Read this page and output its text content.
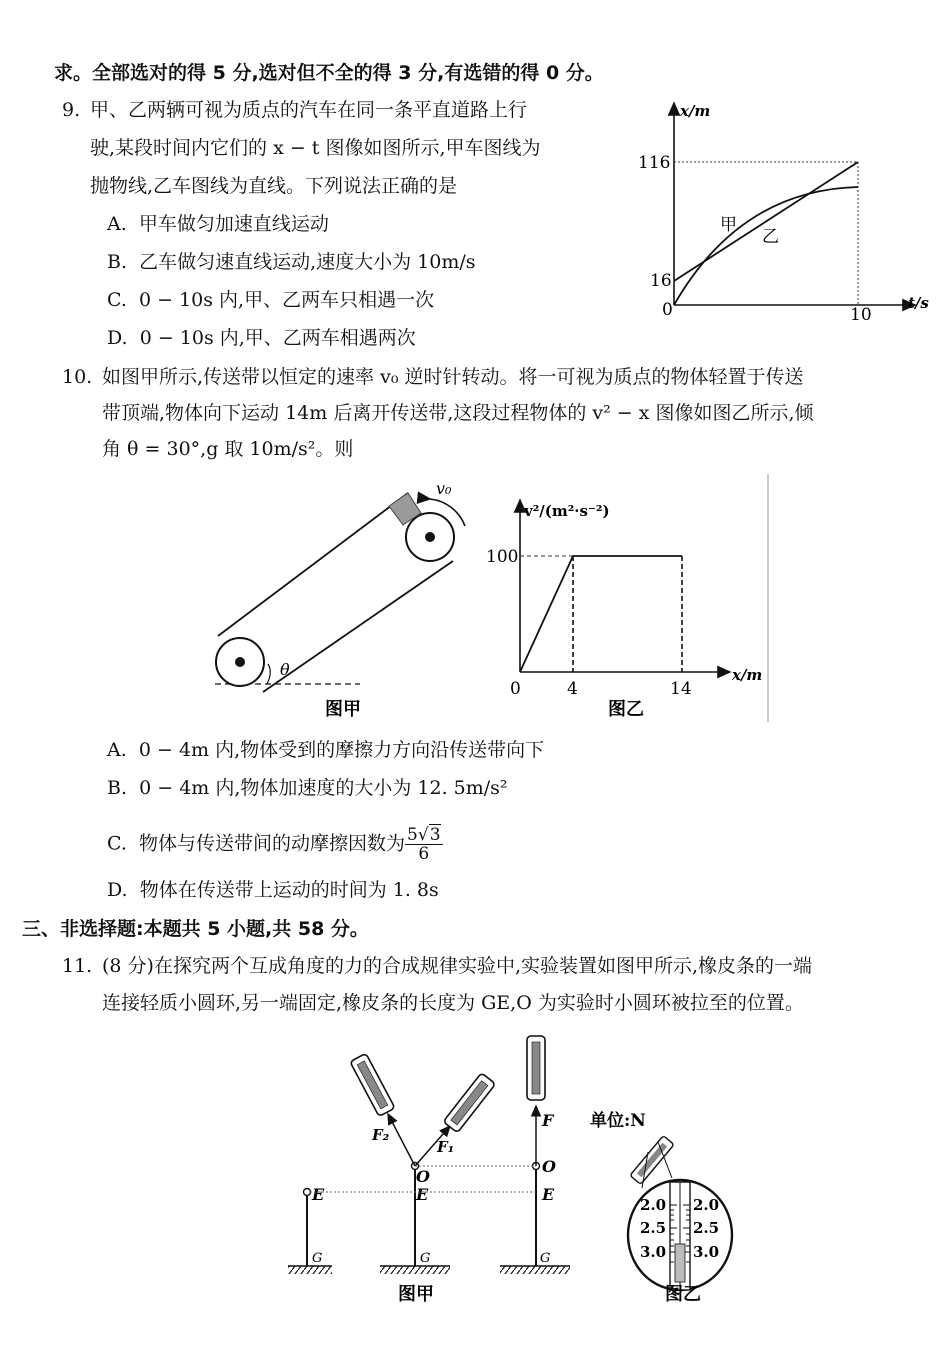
求。全部选对的得 5 分,选对但不全的得 3 分,有选错的得 0 分。
9. 甲、乙两辆可视为质点的汽车在同一条平直道路上行
驶,某段时间内它们的 x − t 图像如图所示,甲车图线为
抛物线,乙车图线为直线。下列说法正确的是
A. 甲车做匀加速直线运动
B. 乙车做匀速直线运动,速度大小为 10m/s
C. 0 − 10s 内,甲、乙两车只相遇一次
D. 0 − 10s 内,甲、乙两车相遇两次
x/m
t/s
116
16
0	10
甲
乙
10. 如图甲所示,传送带以恒定的速率 v₀ 逆时针转动。将一可视为质点的物体轻置于传送
带顶端,物体向下运动 14m 后离开传送带,这段过程物体的 v² − x 图像如图乙所示,倾
角 θ = 30°,g 取 10m/s²。则
v₀
θ
图甲
v²/(m²·s⁻²)
x/m
100
0	4	14
图乙
A. 0 − 4m 内,物体受到的摩擦力方向沿传送带向下
B. 0 − 4m 内,物体加速度的大小为 12. 5m/s²
C. 物体与传送带间的动摩擦因数为 $\frac{5√3}{6}$
D. 物体在传送带上运动的时间为 1. 8s
三、非选择题:本题共 5 小题,共 58 分。
11. (8 分)在探究两个互成角度的力的合成规律实验中,实验装置如图甲所示,橡皮条的一端
连接轻质小圆环,另一端固定,橡皮条的长度为 GE,O 为实验时小圆环被拉至的位置。
E
G
F₂
F₁
O
E
G
F
O
E
G
单位:N
2.0 2.0
2.5 2.5
3.0 3.0
图甲	图乙
